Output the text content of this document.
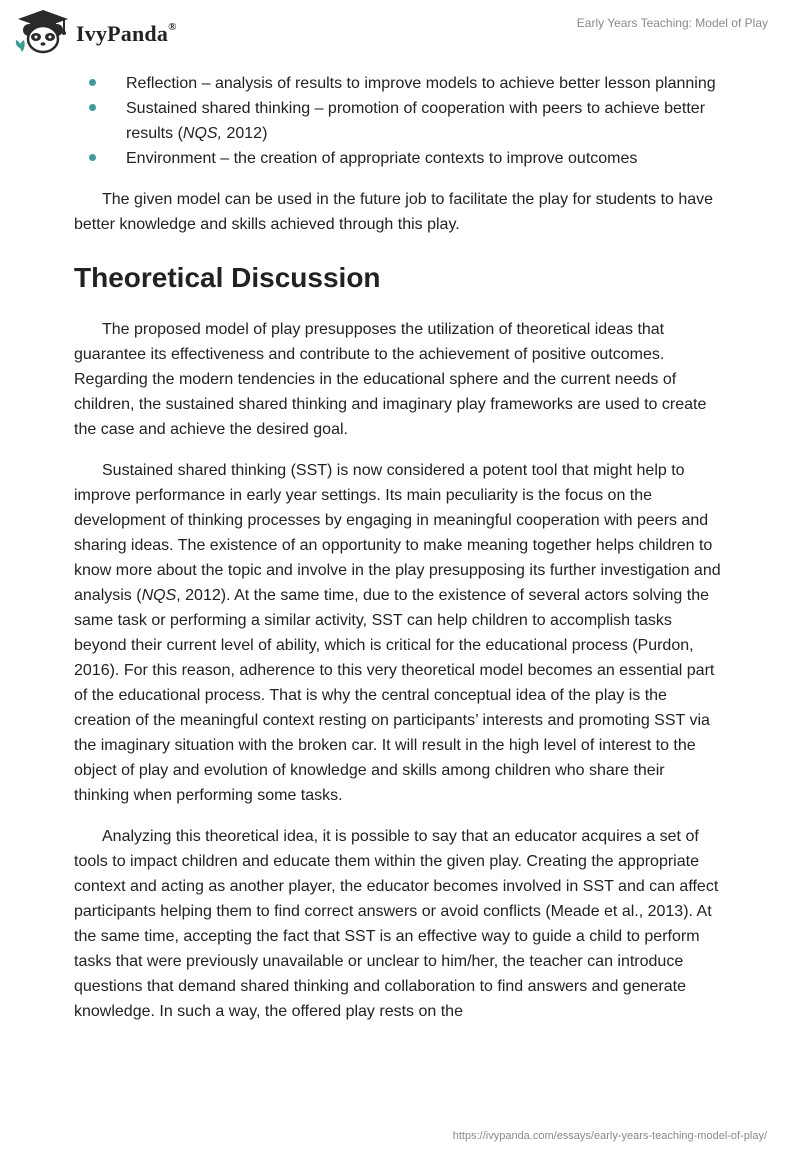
IvyPanda®	Early Years Teaching: Model of Play
Reflection – analysis of results to improve models to achieve better lesson planning
Sustained shared thinking – promotion of cooperation with peers to achieve better results (NQS, 2012)
Environment – the creation of appropriate contexts to improve outcomes

The given model can be used in the future job to facilitate the play for students to have better knowledge and skills achieved through this play.

Theoretical Discussion

The proposed model of play presupposes the utilization of theoretical ideas that guarantee its effectiveness and contribute to the achievement of positive outcomes. Regarding the modern tendencies in the educational sphere and the current needs of children, the sustained shared thinking and imaginary play frameworks are used to create the case and achieve the desired goal.

Sustained shared thinking (SST) is now considered a potent tool that might help to improve performance in early year settings. Its main peculiarity is the focus on the development of thinking processes by engaging in meaningful cooperation with peers and sharing ideas. The existence of an opportunity to make meaning together helps children to know more about the topic and involve in the play presupposing its further investigation and analysis (NQS, 2012). At the same time, due to the existence of several actors solving the same task or performing a similar activity, SST can help children to accomplish tasks beyond their current level of ability, which is critical for the educational process (Purdon, 2016). For this reason, adherence to this very theoretical model becomes an essential part of the educational process. That is why the central conceptual idea of the play is the creation of the meaningful context resting on participants’ interests and promoting SST via the imaginary situation with the broken car. It will result in the high level of interest to the object of play and evolution of knowledge and skills among children who share their thinking when performing some tasks.

Analyzing this theoretical idea, it is possible to say that an educator acquires a set of tools to impact children and educate them within the given play. Creating the appropriate context and acting as another player, the educator becomes involved in SST and can affect participants helping them to find correct answers or avoid conflicts (Meade et al., 2013). At the same time, accepting the fact that SST is an effective way to guide a child to perform tasks that were previously unavailable or unclear to him/her, the teacher can introduce questions that demand shared thinking and collaboration to find answers and generate knowledge. In such a way, the offered play rests on the

https://ivypanda.com/essays/early-years-teaching-model-of-play/
